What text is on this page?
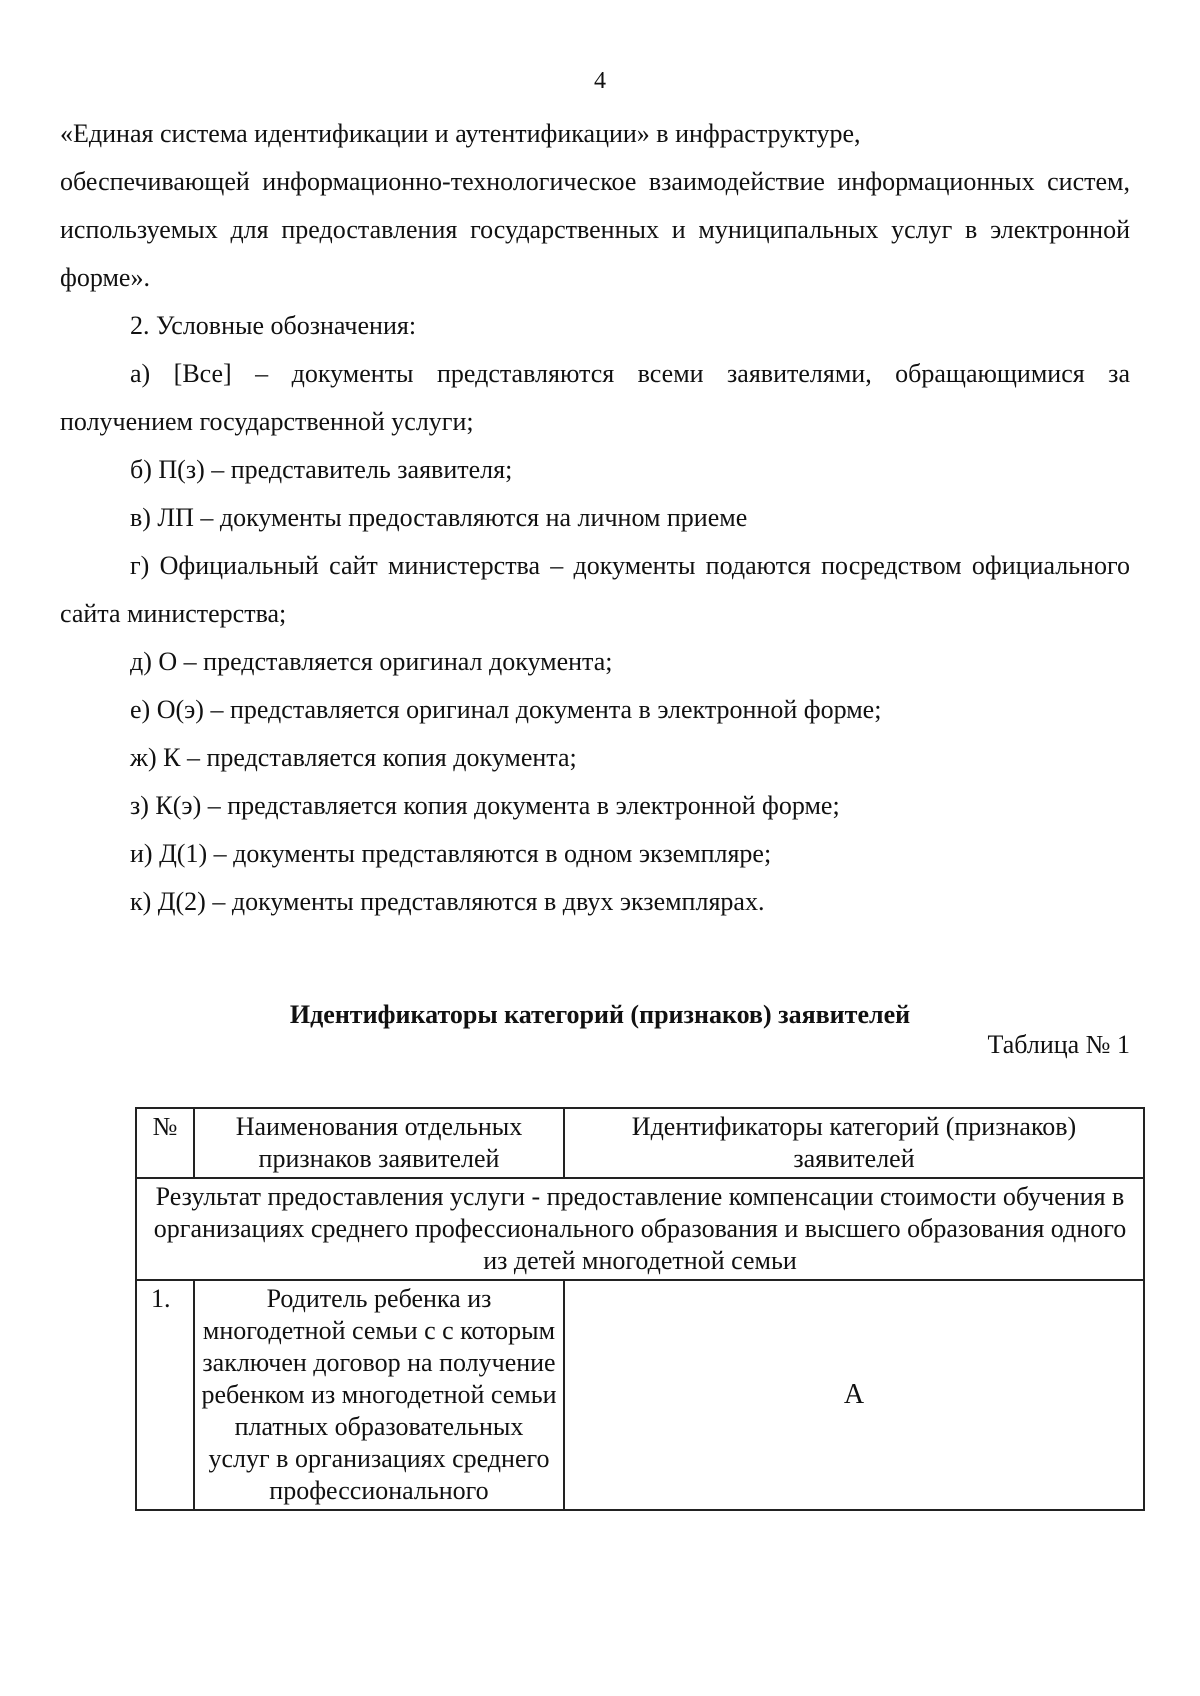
4

«Единая система идентификации и аутентификации» в инфраструктуре,

обеспечивающей информационно-технологическое взаимодействие информационных систем, используемых для предоставления государственных и муниципальных услуг в электронной форме».

2. Условные обозначения:

а) [Все] – документы представляются всеми заявителями, обращающимися за получением государственной услуги;

б) П(з) – представитель заявителя;

в) ЛП – документы предоставляются на личном приеме

г) Официальный сайт министерства – документы подаются посредством официального сайта министерства;

д) О – представляется оригинал документа;

е) О(э) – представляется оригинал документа в электронной форме;

ж) К – представляется копия документа;

з) К(э) – представляется копия документа в электронной форме;

и) Д(1) – документы представляются в одном экземпляре;

к) Д(2) – документы представляются в двух экземплярах.

Идентификаторы категорий (признаков) заявителей
Таблица № 1
№	Наименования отдельных признаков заявителей	Идентификаторы категорий (признаков) заявителей
Результат предоставления услуги - предоставление компенсации стоимости обучения в организациях среднего профессионального образования и высшего образования одного из детей многодетной семьи		
1.	Родитель ребенка из многодетной семьи с с которым заключен договор на получение ребенком из многодетной семьи платных образовательных услуг в организациях среднего профессионального	А
